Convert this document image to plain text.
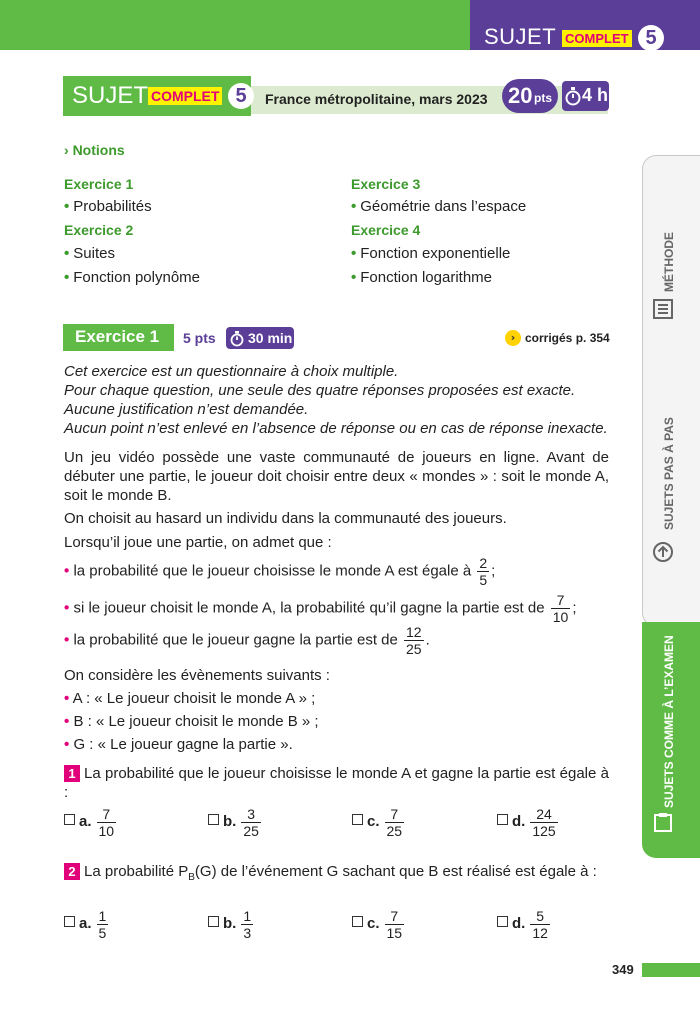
SUJET COMPLET 5
SUJET COMPLET 5	France métropolitaine, mars 2023 20 pts 4 h
› Notions
Exercice 1
• Probabilités
Exercice 2
• Suites
• Fonction polynôme
Exercice 3
• Géométrie dans l’espace
Exercice 4
• Fonction exponentielle
• Fonction logarithme
Exercice 1 5 pts 30 min	› corrigés p. 354
Cet exercice est un questionnaire à choix multiple.
Pour chaque question, une seule des quatre réponses proposées est exacte.
Aucune justification n’est demandée.
Aucun point n’est enlevé en l’absence de réponse ou en cas de réponse inexacte.
Un jeu vidéo possède une vaste communauté de joueurs en ligne. Avant de débuter une partie, le joueur doit choisir entre deux « mondes » : soit le monde A, soit le monde B.
On choisit au hasard un individu dans la communauté des joueurs.
Lorsqu’il joue une partie, on admet que :
• la probabilité que le joueur choisisse le monde A est égale à $\frac{2}{5}$ ;
• si le joueur choisit le monde A, la probabilité qu’il gagne la partie est de $\frac{7}{10}$ ;
• la probabilité que le joueur gagne la partie est de $\frac{12}{25}$ .
On considère les évènements suivants :
• A : « Le joueur choisit le monde A » ;
• B : « Le joueur choisit le monde B » ;
• G : « Le joueur gagne la partie ».
1 La probabilité que le joueur choisisse le monde A et gagne la partie est égale à :
a. $\frac{7}{10}$	b. $\frac{3}{25}$	c. $\frac{7}{25}$	d. $\frac{24}{125}$
2 La probabilité $P_B(G)$ de l’événement G sachant que B est réalisé est égale à :
a. $\frac{1}{5}$	b. $\frac{1}{3}$	c. $\frac{7}{15}$	d. $\frac{5}{12}$
MÉTHODE
SUJETS PAS À PAS
SUJETS COMME À L’EXAMEN
349
